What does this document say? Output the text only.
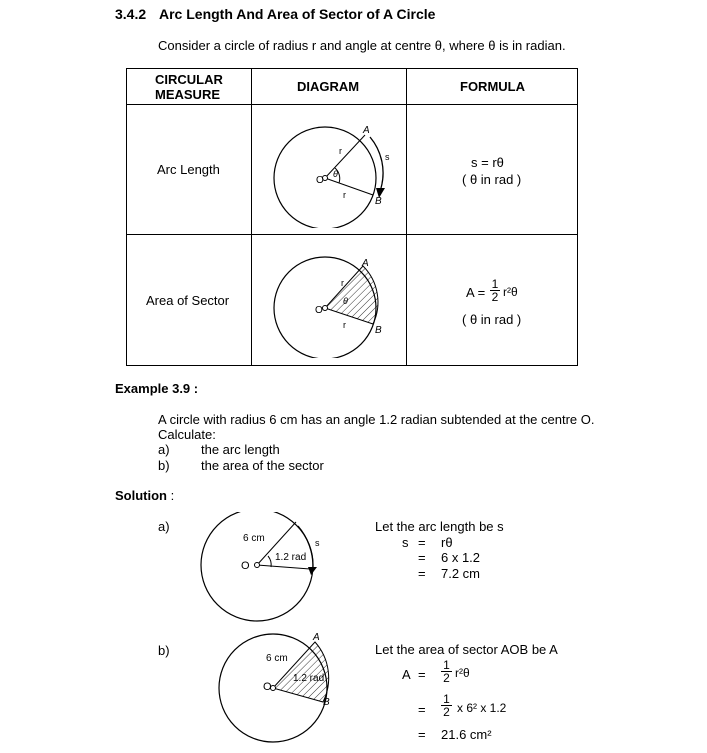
3.4.2 Arc Length And Area of Sector of A Circle
Consider a circle of radius r and angle at centre θ, where θ is in radian.
CIRCULAR
MEASURE
DIAGRAM	FORMULA
Arc Length	s = rθ
( θ in rad )
Area of Sector
A =
1
2 r²θ
( θ in rad )
A
B
O
r
r
s
θ
A
B
O
r
r
θ
Example 3.9 :
A circle with radius 6 cm has an angle 1.2 radian subtended at the centre O.
Calculate:
a) the arc length
b) the area of the sector
Solution :
a)
O
s
6 cm
1.2 rad
Let the arc length be s
s = rθ
= 6 x 1.2
= 7.2 cm
b)
A
B
O
6 cm
1.2 rad
Let the area of sector AOB be A
A =
1
2 r²θ
=
1
2 x 6² x 1.2
= 21.6 cm²
